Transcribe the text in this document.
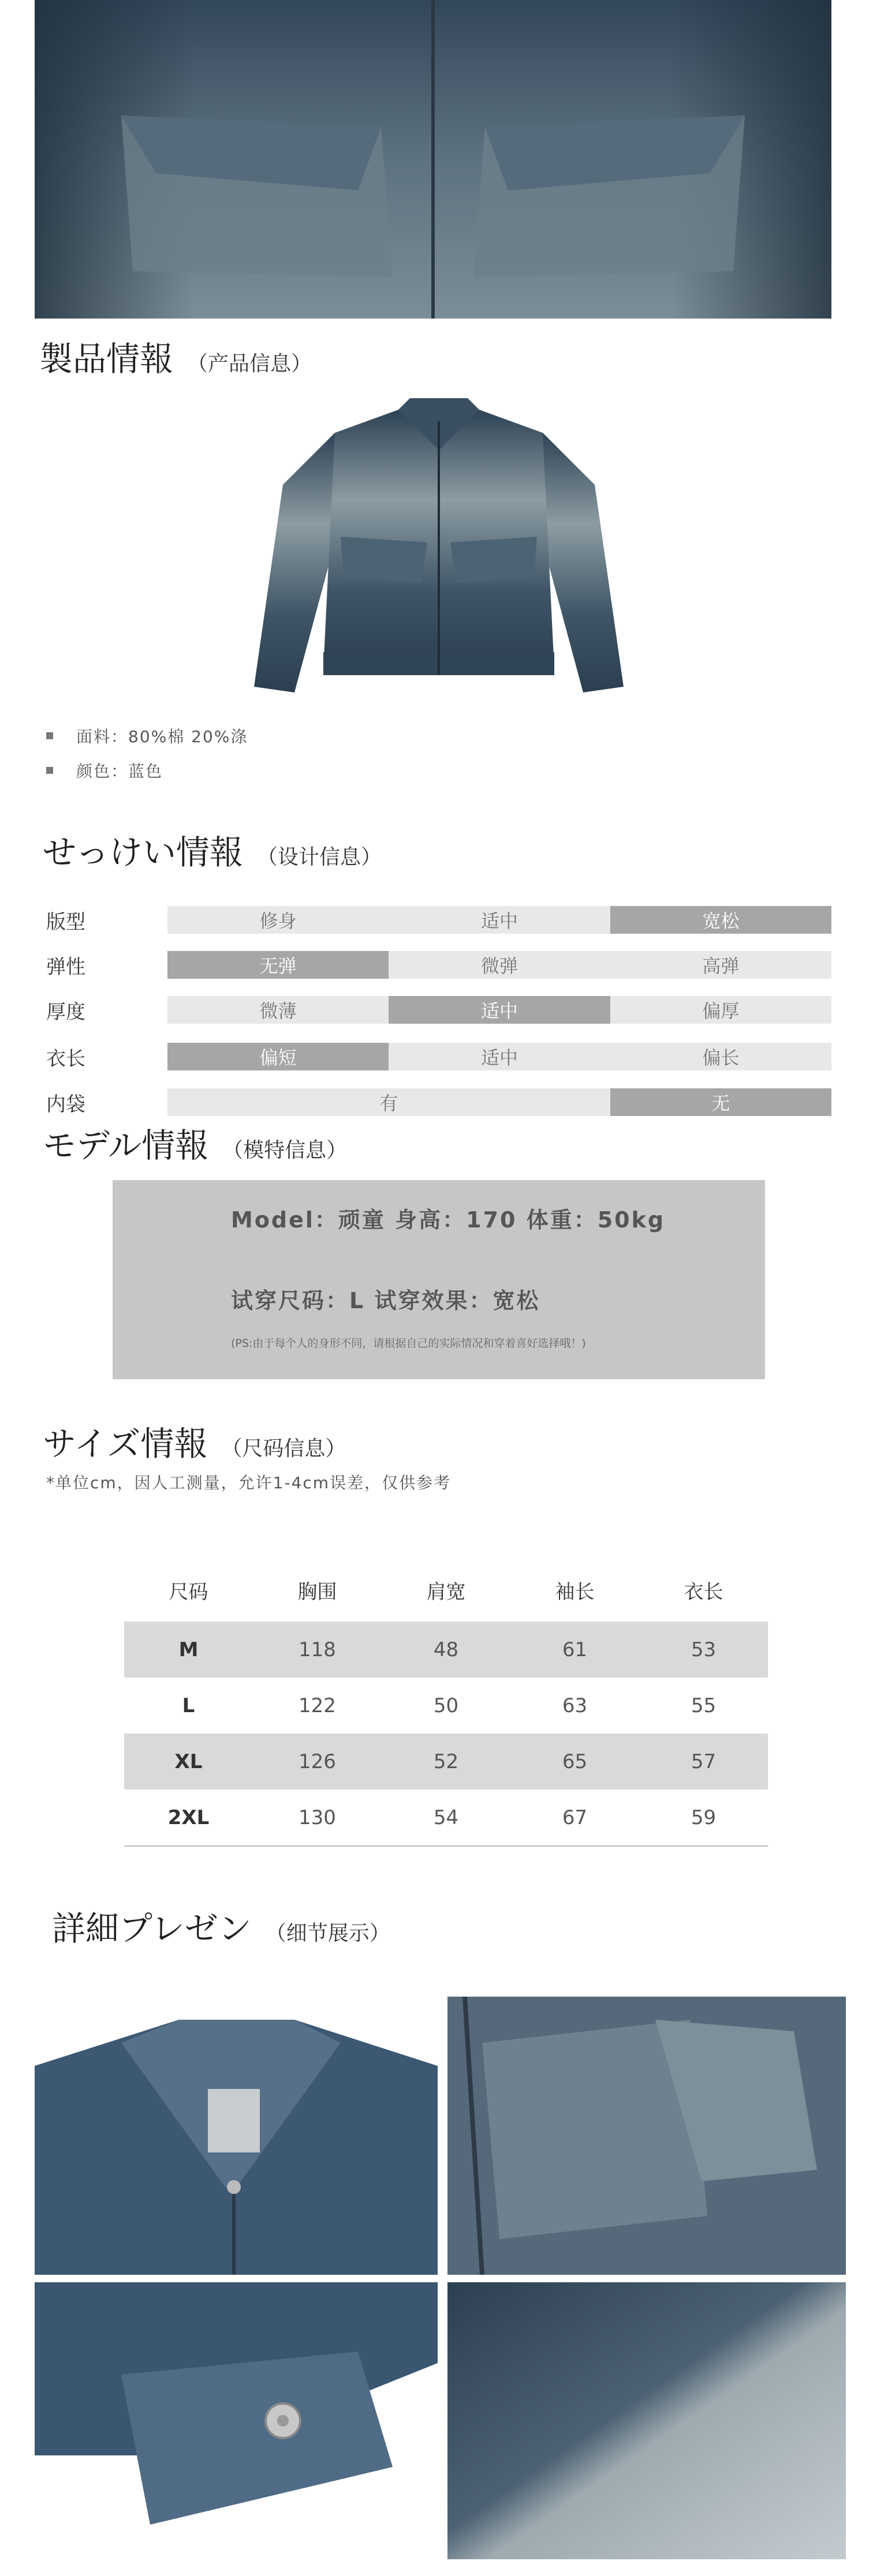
製品情報 （产品信息）
面料：80%棉 20%涤
颜色：蓝色
せっけい情報 （设计信息）
版型	修身	适中	宽松
弹性	无弹	微弹	高弹
厚度	微薄	适中	偏厚
衣长	偏短	适中	偏长
内袋	有	无
モデル情報 （模特信息）
Model：顽童 身高：170 体重：50kg
试穿尺码：L 试穿效果：宽松
(PS:由于每个人的身形不同，请根据自己的实际情况和穿着喜好选择哦！)
サイズ情報 （尺码信息）
*单位cm，因人工测量，允许1-4cm误差，仅供参考
尺码	胸围	肩宽	袖长	衣长
M	118	48	61	53
L	122	50	63	55
XL	126	52	65	57
2XL	130	54	67	59
詳細プレゼン （细节展示）
